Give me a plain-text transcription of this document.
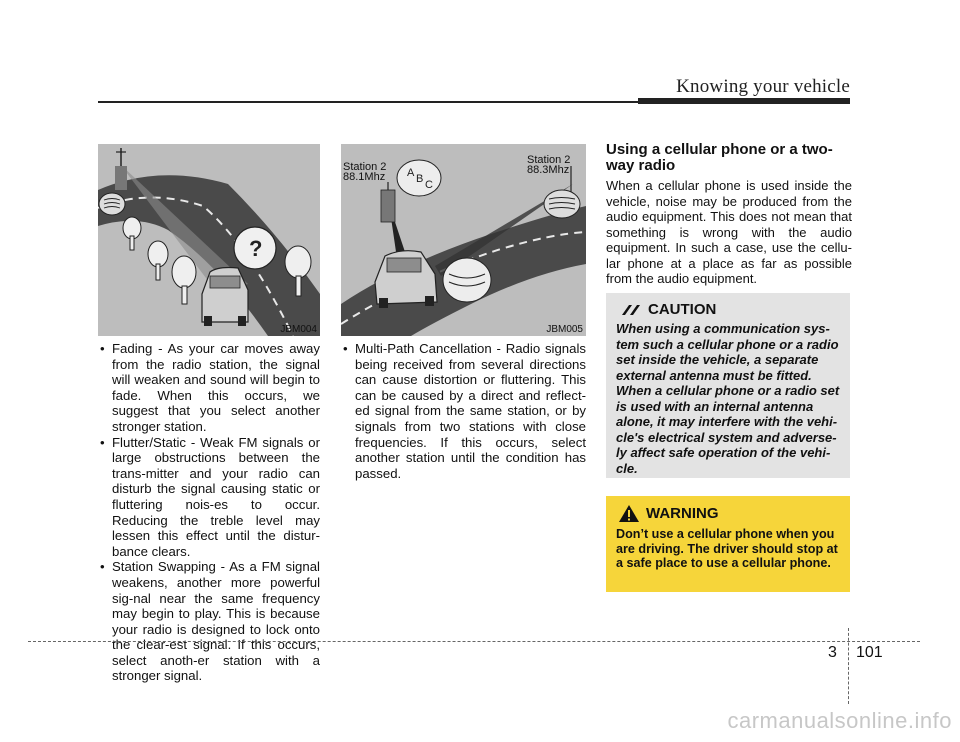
Knowing your vehicle
?
JBM004
A B C
Station 2
88.1Mhz
Station 2
88.3Mhz
JBM005
• Fading - As your car moves away from the radio station, the signal will weaken and sound will begin to fade. When this occurs, we suggest that you select another stronger station.
• Flutter/Static - Weak FM signals or large obstructions between the trans-mitter and your radio can disturb the signal causing static or fluttering nois-es to occur. Reducing the treble level may lessen this effect until the distur-bance clears.
• Station Swapping - As a FM signal weakens, another more powerful sig-nal near the same frequency may begin to play. This is because your radio is designed to lock onto the clear-est signal. If this occurs, select anoth-er station with a stronger signal.
• Multi-Path Cancellation - Radio signals being received from several directions can cause distortion or fluttering. This can be caused by a direct and reflect-ed signal from the same station, or by signals from two stations with close frequencies. If this occurs, select another station until the condition has passed.
Using a cellular phone or a two-way radio
When a cellular phone is used inside the vehicle, noise may be produced from the audio equipment. This does not mean that something is wrong with the audio equipment. In such a case, use the cellu-lar phone at a place as far as possible from the audio equipment.
CAUTION
When using a communication sys-tem such a cellular phone or a radio set inside the vehicle, a separate external antenna must be fitted. When a cellular phone or a radio set is used with an internal antenna alone, it may interfere with the vehi-cle's electrical system and adverse-ly affect safe operation of the vehi-cle.
WARNING
Don’t use a cellular phone when you are driving. The driver should stop at a safe place to use a cellular phone.
3 101
carmanualsonline.info
